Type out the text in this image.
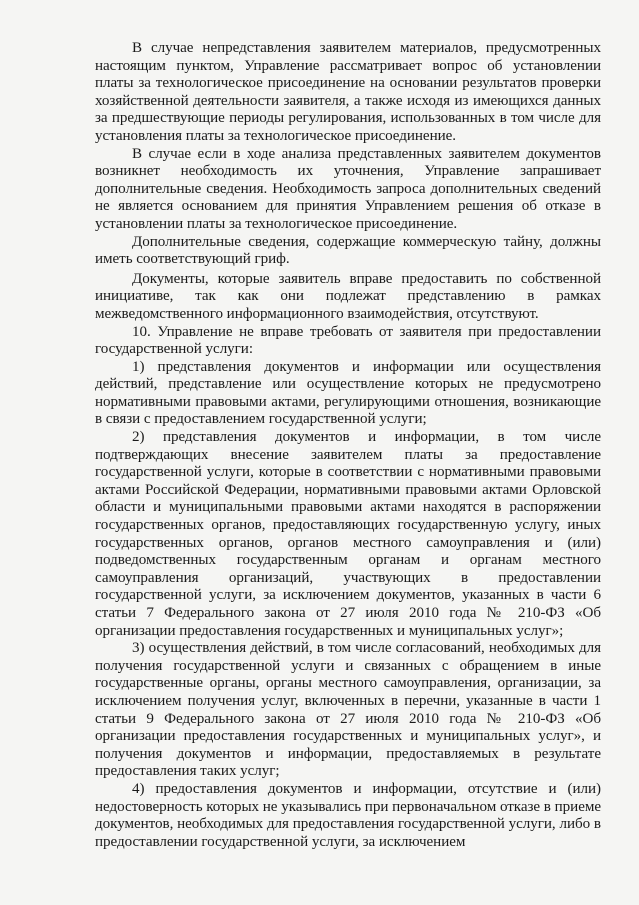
В случае непредставления заявителем материалов, предусмотренных настоящим пунктом, Управление рассматривает вопрос об установлении платы за технологическое присоединение на основании результатов проверки хозяйственной деятельности заявителя, а также исходя из имеющихся данных за предшествующие периоды регулирования, использованных в том числе для установления платы за технологическое присоединение.

В случае если в ходе анализа представленных заявителем документов возникнет необходимость их уточнения, Управление запрашивает дополнительные сведения. Необходимость запроса дополнительных сведений не является основанием для принятия Управлением решения об отказе в установлении платы за технологическое присоединение.

Дополнительные сведения, содержащие коммерческую тайну, должны иметь соответствующий гриф.

Документы, которые заявитель вправе предоставить по собственной инициативе, так как они подлежат представлению в рамках межведомственного информационного взаимодействия, отсутствуют.

10. Управление не вправе требовать от заявителя при предоставлении государственной услуги:

1) представления документов и информации или осуществления действий, представление или осуществление которых не предусмотрено нормативными правовыми актами, регулирующими отношения, возникающие в связи с предоставлением государственной услуги;

2) представления документов и информации, в том числе подтверждающих внесение заявителем платы за предоставление государственной услуги, которые в соответствии с нормативными правовыми актами Российской Федерации, нормативными правовыми актами Орловской области и муниципальными правовыми актами находятся в распоряжении государственных органов, предоставляющих государственную услугу, иных государственных органов, органов местного самоуправления и (или) подведомственных государственным органам и органам местного самоуправления организаций, участвующих в предоставлении государственной услуги, за исключением документов, указанных в части 6 статьи 7 Федерального закона от 27 июля 2010 года № 210-ФЗ «Об организации предоставления государственных и муниципальных услуг»;

3) осуществления действий, в том числе согласований, необходимых для получения государственной услуги и связанных с обращением в иные государственные органы, органы местного самоуправления, организации, за исключением получения услуг, включенных в перечни, указанные в части 1 статьи 9 Федерального закона от 27 июля 2010 года № 210-ФЗ «Об организации предоставления государственных и муниципальных услуг», и получения документов и информации, предоставляемых в результате предоставления таких услуг;

4) предоставления документов и информации, отсутствие и (или) недостоверность которых не указывались при первоначальном отказе в приеме документов, необходимых для предоставления государственной услуги, либо в предоставлении государственной услуги, за исключением
